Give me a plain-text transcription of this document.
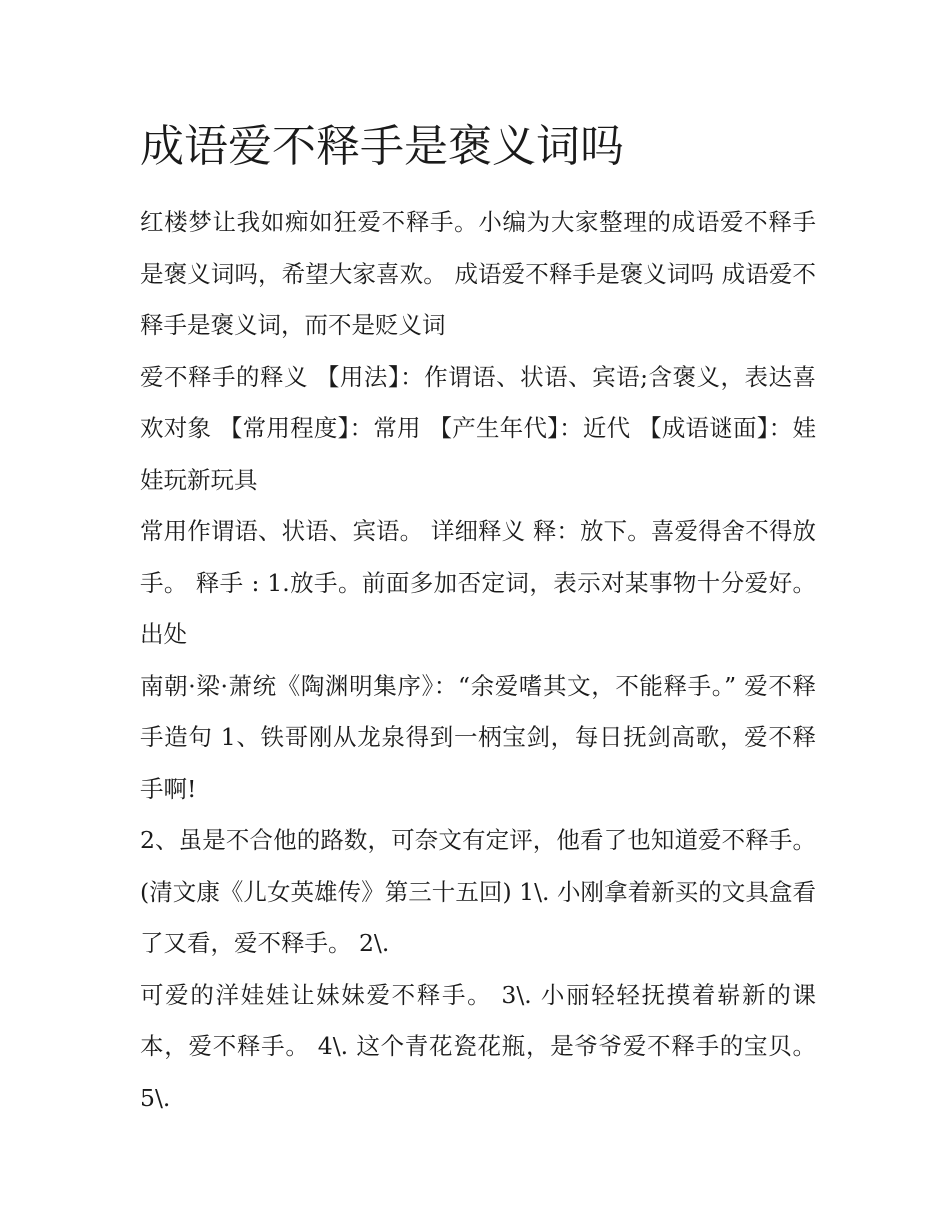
成语爱不释手是褒义词吗

红楼梦让我如痴如狂爱不释手。小编为大家整理的成语爱不释手是褒义词吗，希望大家喜欢。 成语爱不释手是褒义词吗 成语爱不释手是褒义词，而不是贬义词

爱不释手的释义 【用法】：作谓语、状语、宾语;含褒义，表达喜欢对象 【常用程度】：常用 【产生年代】：近代 【成语谜面】：娃娃玩新玩具

常用作谓语、状语、宾语。 详细释义 释：放下。喜爱得舍不得放手。 释手 : 1.放手。前面多加否定词，表示对某事物十分爱好。 出处

南朝·梁·萧统《陶渊明集序》：“余爱嗜其文，不能释手。” 爱不释手造句 1、铁哥刚从龙泉得到一柄宝剑，每日抚剑高歌，爱不释手啊!

2、虽是不合他的路数，可奈文有定评，他看了也知道爱不释手。(清文康《儿女英雄传》第三十五回) 1\. 小刚拿着新买的文具盒看了又看，爱不释手。 2\.

可爱的洋娃娃让妹妹爱不释手。 3\. 小丽轻轻抚摸着崭新的课本，爱不释手。 4\. 这个青花瓷花瓶，是爷爷爱不释手的宝贝。 5\.
